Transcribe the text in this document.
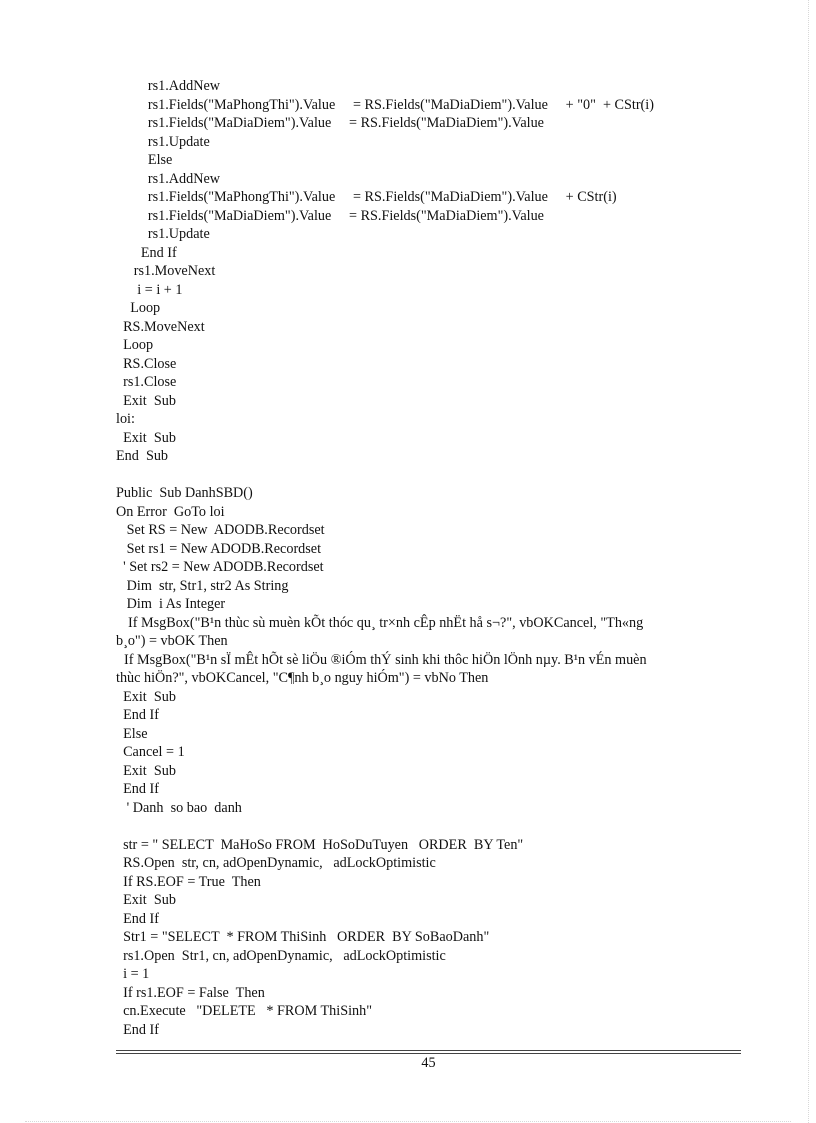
rs1.AddNew
rs1.Fields("MaPhongThi").Value     = RS.Fields("MaDiaDiem").Value     + "0"  + CStr(i)
rs1.Fields("MaDiaDiem").Value     = RS.Fields("MaDiaDiem").Value
rs1.Update
Else
rs1.AddNew
rs1.Fields("MaPhongThi").Value     = RS.Fields("MaDiaDiem").Value     + CStr(i)
rs1.Fields("MaDiaDiem").Value     = RS.Fields("MaDiaDiem").Value
rs1.Update
End If
rs1.MoveNext
i = i + 1
Loop
RS.MoveNext
Loop
RS.Close
rs1.Close
Exit  Sub
loi:
Exit  Sub
End  Sub
Public  Sub DanhSBD()
On Error  GoTo loi
Set RS = New  ADODB.Recordset
Set rs1 = New ADODB.Recordset
' Set rs2 = New ADODB.Recordset
Dim  str, Str1, str2 As String
Dim  i As Integer
If MsgBox("B¹n thùc sù muèn kÕt thóc qu¸ tr×nh cÊp nhËt hå s¬?", vbOKCancel, "Th«ng
b¸o") = vbOK Then
If MsgBox("B¹n sÏ mÊt hÕt sè liÖu ®iÓm thÝ sinh khi thôc hiÖn lÖnh nµy. B¹n vÉn muèn
thùc hiÖn?", vbOKCancel, "C¶nh b¸o nguy hiÓm") = vbNo Then
Exit  Sub
End If
Else
Cancel = 1
Exit  Sub
End If
' Danh  so bao  danh
str = " SELECT  MaHoSo FROM  HoSoDuTuyen   ORDER  BY Ten"
RS.Open  str, cn, adOpenDynamic,   adLockOptimistic
If RS.EOF = True  Then
Exit  Sub
End If
Str1 = "SELECT  * FROM ThiSinh   ORDER  BY SoBaoDanh"
rs1.Open  Str1, cn, adOpenDynamic,   adLockOptimistic
i = 1
If rs1.EOF = False  Then
cn.Execute   "DELETE   * FROM ThiSinh"
End If
45
